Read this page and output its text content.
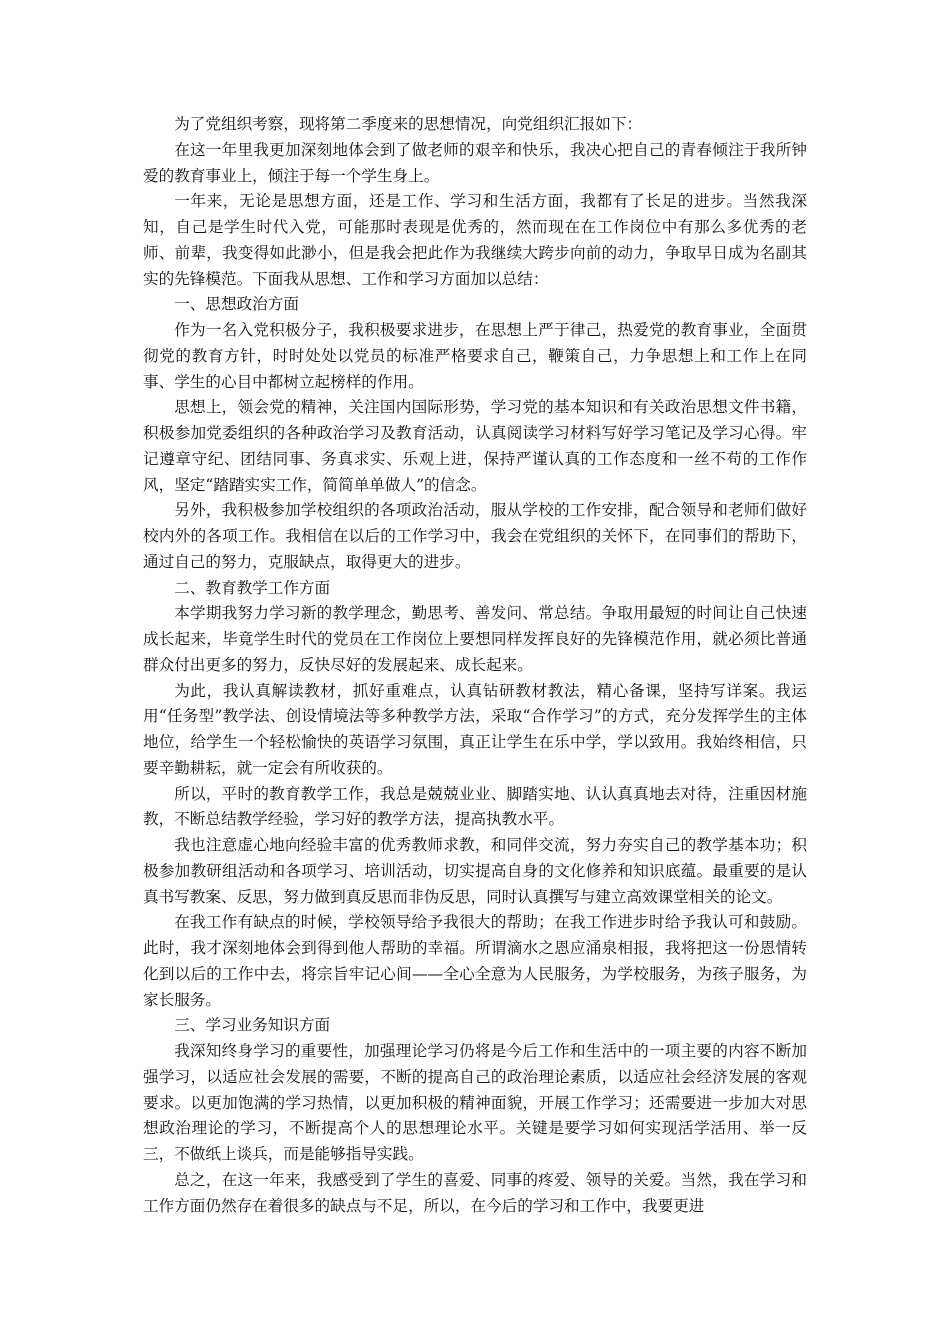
为了党组织考察，现将第二季度来的思想情况，向党组织汇报如下：

在这一年里我更加深刻地体会到了做老师的艰辛和快乐，我决心把自己的青春倾注于我所钟爱的教育事业上，倾注于每一个学生身上。

一年来，无论是思想方面，还是工作、学习和生活方面，我都有了长足的进步。当然我深知，自己是学生时代入党，可能那时表现是优秀的，然而现在在工作岗位中有那么多优秀的老师、前辈，我变得如此渺小，但是我会把此作为我继续大跨步向前的动力，争取早日成为名副其实的先锋模范。下面我从思想、工作和学习方面加以总结：

一、思想政治方面

作为一名入党积极分子，我积极要求进步，在思想上严于律己，热爱党的教育事业，全面贯彻党的教育方针，时时处处以党员的标准严格要求自己，鞭策自己，力争思想上和工作上在同事、学生的心目中都树立起榜样的作用。

思想上，领会党的精神，关注国内国际形势，学习党的基本知识和有关政治思想文件书籍，积极参加党委组织的各种政治学习及教育活动，认真阅读学习材料写好学习笔记及学习心得。牢记遵章守纪、团结同事、务真求实、乐观上进，保持严谨认真的工作态度和一丝不苟的工作作风，坚定“踏踏实实工作，简简单单做人”的信念。

另外，我积极参加学校组织的各项政治活动，服从学校的工作安排，配合领导和老师们做好校内外的各项工作。我相信在以后的工作学习中，我会在党组织的关怀下，在同事们的帮助下，通过自己的努力，克服缺点，取得更大的进步。

二、教育教学工作方面

本学期我努力学习新的教学理念，勤思考、善发问、常总结。争取用最短的时间让自己快速成长起来，毕竟学生时代的党员在工作岗位上要想同样发挥良好的先锋模范作用，就必须比普通群众付出更多的努力，反快尽好的发展起来、成长起来。

为此，我认真解读教材，抓好重难点，认真钻研教材教法，精心备课，坚持写详案。我运用“任务型”教学法、创设情境法等多种教学方法，采取“合作学习”的方式，充分发挥学生的主体地位，给学生一个轻松愉快的英语学习氛围，真正让学生在乐中学，学以致用。我始终相信，只要辛勤耕耘，就一定会有所收获的。

所以，平时的教育教学工作，我总是兢兢业业、脚踏实地、认认真真地去对待，注重因材施教，不断总结教学经验，学习好的教学方法，提高执教水平。

我也注意虚心地向经验丰富的优秀教师求教，和同伴交流，努力夯实自己的教学基本功；积极参加教研组活动和各项学习、培训活动，切实提高自身的文化修养和知识底蕴。最重要的是认真书写教案、反思，努力做到真反思而非伪反思，同时认真撰写与建立高效课堂相关的论文。

在我工作有缺点的时候，学校领导给予我很大的帮助；在我工作进步时给予我认可和鼓励。此时，我才深刻地体会到得到他人帮助的幸福。所谓滴水之恩应涌泉相报，我将把这一份恩情转化到以后的工作中去，将宗旨牢记心间——全心全意为人民服务，为学校服务，为孩子服务，为家长服务。

三、学习业务知识方面

我深知终身学习的重要性，加强理论学习仍将是今后工作和生活中的一项主要的内容不断加强学习，以适应社会发展的需要，不断的提高自己的政治理论素质，以适应社会经济发展的客观要求。以更加饱满的学习热情，以更加积极的精神面貌，开展工作学习；还需要进一步加大对思想政治理论的学习，不断提高个人的思想理论水平。关键是要学习如何实现活学活用、举一反三，不做纸上谈兵，而是能够指导实践。

总之，在这一年来，我感受到了学生的喜爱、同事的疼爱、领导的关爱。当然，我在学习和工作方面仍然存在着很多的缺点与不足，所以，在今后的学习和工作中，我要更进
